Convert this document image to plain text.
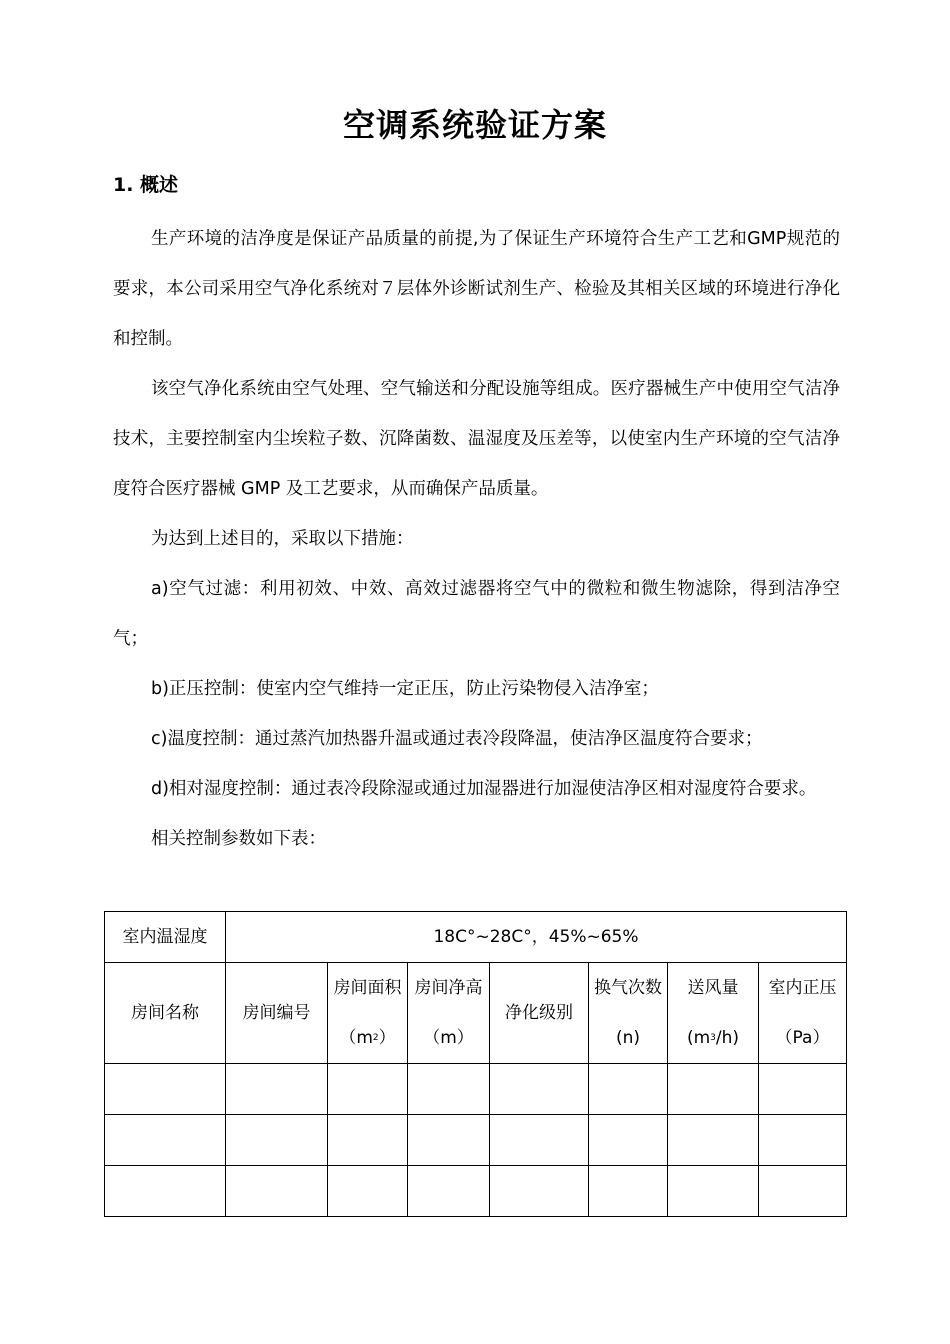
空调系统验证方案
1. 概述

生产环境的洁净度是保证产品质量的前提,为了保证生产环境符合生产工艺和GMP规范的要求，本公司采用空气净化系统对７层体外诊断试剂生产、检验及其相关区域的环境进行净化和控制。

该空气净化系统由空气处理、空气输送和分配设施等组成。医疗器械生产中使用空气洁净技术，主要控制室内尘埃粒子数、沉降菌数、温湿度及压差等，以使室内生产环境的空气洁净度符合医疗器械 GMP 及工艺要求，从而确保产品质量。

为达到上述目的，采取以下措施：

a)空气过滤：利用初效、中效、高效过滤器将空气中的微粒和微生物滤除，得到洁净空气；

b)正压控制：使室内空气维持一定正压，防止污染物侵入洁净室；

c)温度控制：通过蒸汽加热器升温或通过表冷段降温，使洁净区温度符合要求；

d)相对湿度控制：通过表冷段除湿或通过加湿器进行加湿使洁净区相对湿度符合要求。

相关控制参数如下表：

室内温湿度	18C°~28C°，45%~65%						
房间名称	房间编号	房间面积$(m_2)$	房间净高（m）	净化级别	换气次数(n)	送风量$(m_3/h)$	室内正压（Pa）
